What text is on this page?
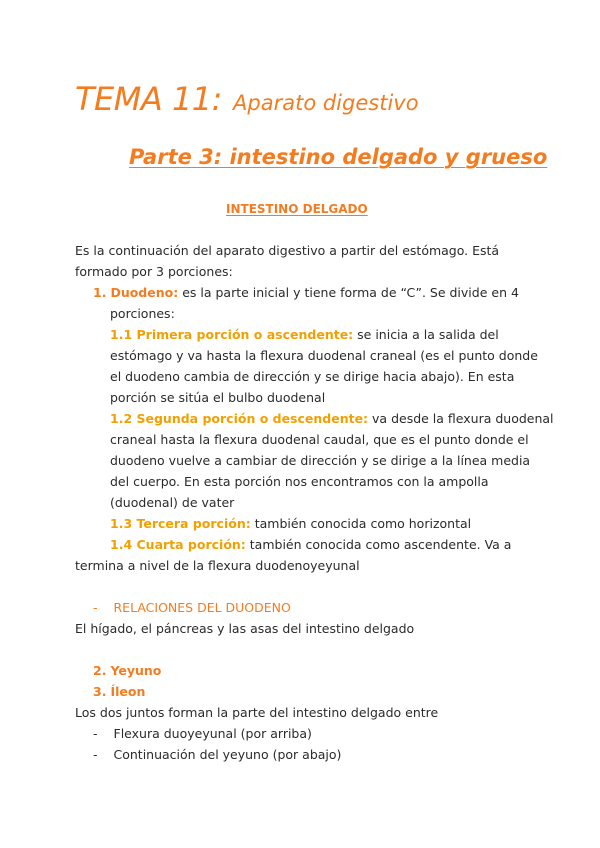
TEMA 11: Aparato digestivo
Parte 3: intestino delgado y grueso
INTESTINO DELGADO
Es la continuación del aparato digestivo a partir del estómago. Está
formado por 3 porciones:
1. Duodeno: es la parte inicial y tiene forma de “C”. Se divide en 4
porciones:
1.1 Primera porción o ascendente: se inicia a la salida del
estómago y va hasta la flexura duodenal craneal (es el punto donde
el duodeno cambia de dirección y se dirige hacia abajo). En esta
porción se sitúa el bulbo duodenal
1.2 Segunda porción o descendente: va desde la flexura duodenal
craneal hasta la flexura duodenal caudal, que es el punto donde el
duodeno vuelve a cambiar de dirección y se dirige a la línea media
del cuerpo. En esta porción nos encontramos con la ampolla
(duodenal) de vater
1.3 Tercera porción: también conocida como horizontal
1.4 Cuarta porción: también conocida como ascendente. Va a
termina a nivel de la flexura duodenoyeyunal
- RELACIONES DEL DUODENO
El hígado, el páncreas y las asas del intestino delgado
2. Yeyuno
3. Íleon
Los dos juntos forman la parte del intestino delgado entre
- Flexura duoyeyunal (por arriba)
- Continuación del yeyuno (por abajo)
